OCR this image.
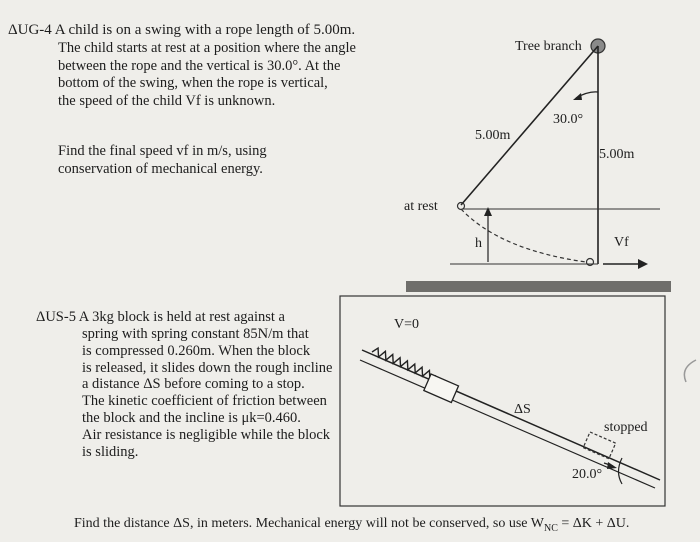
ΔUG-4 A child is on a swing with a rope length of 5.00m.
The child starts at rest at a position where the angle
between the rope and the vertical is 30.0°. At the
bottom of the swing, when the rope is vertical,
the speed of the child Vf is unknown.
Find the final speed vf in m/s, using
conservation of mechanical energy.
ΔUS-5 A 3kg block is held at rest against a
spring with spring constant 85N/m that
is compressed 0.260m. When the block
is released, it slides down the rough incline
a distance ΔS before coming to a stop.
The kinetic coefficient of friction between
the block and the incline is μk=0.460.
Air resistance is negligible while the block
is sliding.
Tree branch
30.0°
5.00m
5.00m
at rest
h	Vf
V=0
ΔS
stopped
20.0°
Find the distance ΔS, in meters. Mechanical energy will not be conserved, so use $W_{NC} = \Delta K + \Delta U$.
